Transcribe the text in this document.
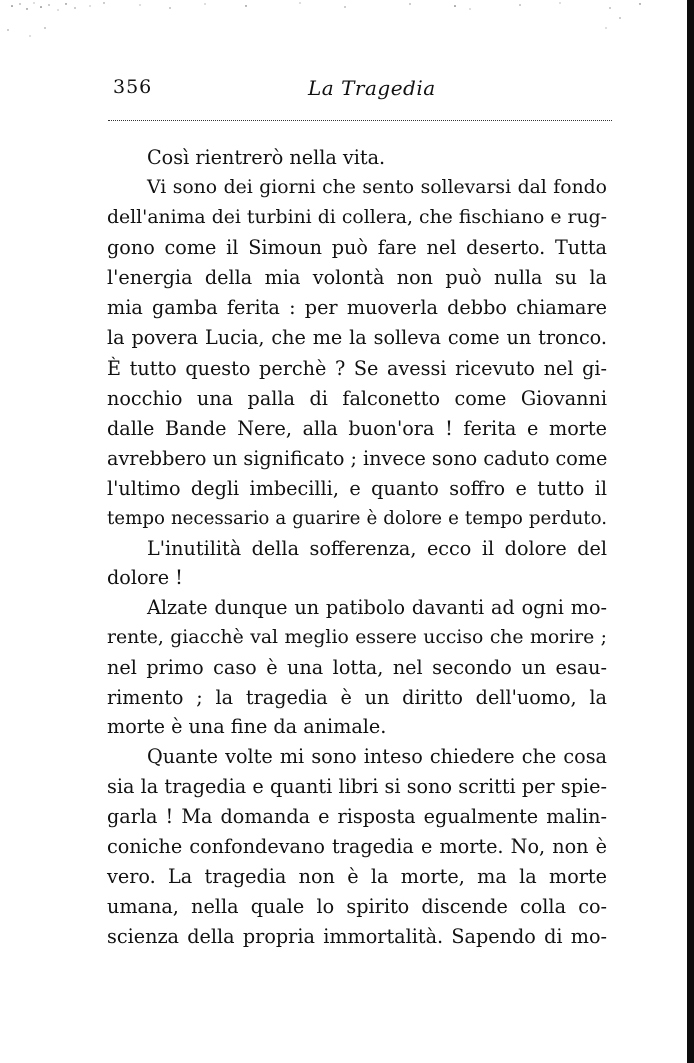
356	La Tragedia
Così rientrerò nella vita.
Vi sono dei giorni che sento sollevarsi dal fondo
dell'anima dei turbini di collera, che fischiano e rug-
gono come il Simoun può fare nel deserto. Tutta
l'energia della mia volontà non può nulla su la
mia gamba ferita : per muoverla debbo chiamare
la povera Lucia, che me la solleva come un tronco.
È tutto questo perchè ? Se avessi ricevuto nel gi-
nocchio una palla di falconetto come Giovanni
dalle Bande Nere, alla buon'ora ! ferita e morte
avrebbero un significato ; invece sono caduto come
l'ultimo degli imbecilli, e quanto soffro e tutto il
tempo necessario a guarire è dolore e tempo perduto.
L'inutilità della sofferenza, ecco il dolore del
dolore !
Alzate dunque un patibolo davanti ad ogni mo-
rente, giacchè val meglio essere ucciso che morire ;
nel primo caso è una lotta, nel secondo un esau-
rimento ; la tragedia è un diritto dell'uomo, la
morte è una fine da animale.
Quante volte mi sono inteso chiedere che cosa
sia la tragedia e quanti libri si sono scritti per spie-
garla ! Ma domanda e risposta egualmente malin-
coniche confondevano tragedia e morte. No, non è
vero. La tragedia non è la morte, ma la morte
umana, nella quale lo spirito discende colla co-
scienza della propria immortalità. Sapendo di mo-
